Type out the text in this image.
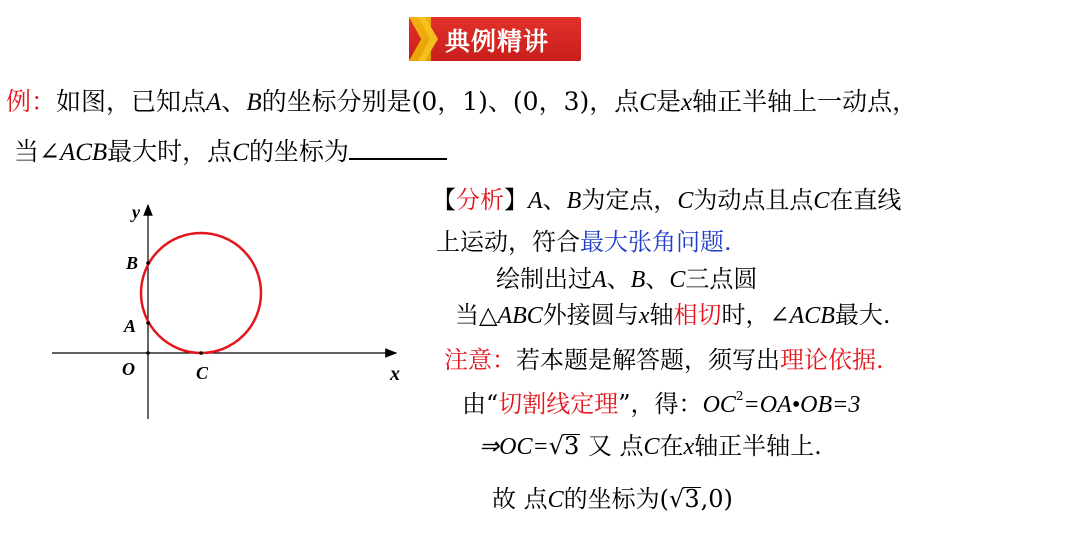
典例精讲
例：如图，已知点A、B的坐标分别是(0，1)、(0，3)，点C是x轴正半轴上一动点，
当∠ACB最大时，点C的坐标为
y
x
B
A
O	C
【分析】A、B为定点，C为动点且点C在直线
上运动，符合最大张角问题.
绘制出过A、B、C三点圆
当△ABC外接圆与x轴相切时，∠ACB最大.
注意：若本题是解答题，须写出理论依据.
由“切割线定理”，得：$OC^2=OA•OB=3$
⇒OC=√3 又 点C在x轴正半轴上.
故 点C的坐标为(√3,0)
